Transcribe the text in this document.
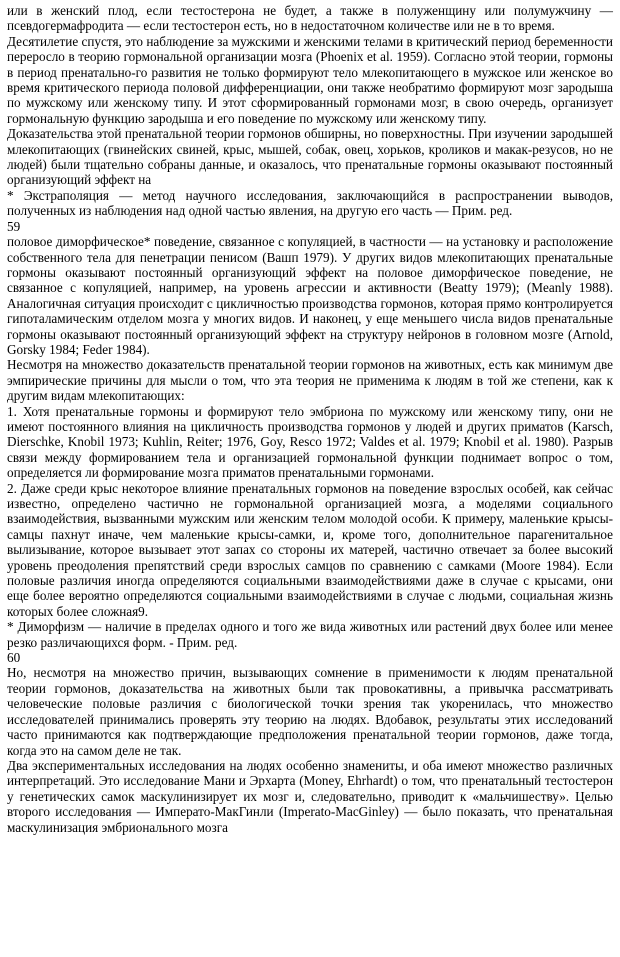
или в женский плод, если тестостерона не будет, а также в полуженщину или полумужчину — псевдогермафродита — если тестостерон есть, но в недостаточном количестве или не в то время.

Десятилетие спустя, это наблюдение за мужскими и женскими телами в критический период беременности переросло в теорию гормональной организации мозга (Phoenix et al. 1959). Согласно этой теории, гормоны в период пренатально-го развития не только формируют тело млекопитающего в мужское или женское во время критического периода половой дифференциации, они также необратимо формируют мозг зародыша по мужскому или женскому типу. И этот сформированный гормонами мозг, в свою очередь, организует гормональную функцию зародыша и его поведение по мужскому или женскому типу.

Доказательства этой пренатальной теории гормонов обширны, но поверхностны. При изучении зародышей млекопитающих (гвинейских свиней, крыс, мышей, собак, овец, хорьков, кроликов и макак-резусов, но не людей) были тщательно собраны данные, и оказалось, что пренатальные гормоны оказывают постоянный организующий эффект на

* Экстраполяция — метод научного исследования, заключающийся в распространении выводов, полученных из наблюдения над одной частью явления, на другую его часть — Прим. ред.

59

половое диморфическое* поведение, связанное с копуляцией, в частности — на установку и расположение собственного тела для пенетрации пенисом (Вашп 1979). У других видов млекопитающих пренатальные гормоны оказывают постоянный организующий эффект на половое диморфическое поведение, не связанное с копуляцией, например, на уровень агрессии и активности (Beatty 1979); (Meanly 1988). Аналогичная ситуация происходит с цикличностью производства гормонов, которая прямо контролируется гипоталамическим отделом мозга у многих видов. И наконец, у еще меньшего числа видов пренатальные гормоны оказывают постоянный организующий эффект на структуру нейронов в головном мозге (Arnold, Gorsky 1984; Feder 1984).

Несмотря на множество доказательств пренатальной теории гормонов на животных, есть как минимум две эмпирические причины для мысли о том, что эта теория не применима к людям в той же степени, как к другим видам млекопитающих:

1. Хотя пренатальные гормоны и формируют тело эмбриона по мужскому или женскому типу, они не имеют постоянного влияния на цикличность производства гормонов у людей и других приматов (Karsch, Dierschke, Knobil 1973; Kuhlin, Reiter; 1976, Goy, Resco 1972; Valdes et al. 1979; Knobil et al. 1980). Разрыв связи между формированием тела и организацией гормональной функции поднимает вопрос о том, определяется ли формирование мозга приматов пренатальными гормонами.

2. Даже среди крыс некоторое влияние пренатальных гормонов на поведение взрослых особей, как сейчас известно, определено частично не гормональной организацией мозга, а моделями социального взаимодействия, вызванными мужским или женским телом молодой особи. К примеру, маленькие крысы-самцы пахнут иначе, чем маленькие крысы-самки, и, кроме того, дополнительное парагенитальное вылизывание, которое вызывает этот запах со стороны их матерей, частично отвечает за более высокий уровень преодоления препятствий среди взрослых самцов по сравнению с самками (Moore 1984). Если половые различия иногда определяются социальными взаимодействиями даже в случае с крысами, они еще более вероятно определяются социальными взаимодействиями в случае с людьми, социальная жизнь которых более сложная9.

* Диморфизм — наличие в пределах одного и того же вида животных или растений двух более или менее резко различающихся форм. - Прим. ред.

60

Но, несмотря на множество причин, вызывающих сомнение в применимости к людям пренатальной теории гормонов, доказательства на животных были так провокативны, а привычка рассматривать человеческие половые различия с биологической точки зрения так укоренилась, что множество исследователей принимались проверять эту теорию на людях. Вдобавок, результаты этих исследований часто принимаются как подтверждающие предположения пренатальной теории гормонов, даже тогда, когда это на самом деле не так.

Два экспериментальных исследования на людях особенно знамениты, и оба имеют множество различных интерпретаций. Это исследование Мани и Эрхарта (Money, Ehrhardt) о том, что пренатальный тестостерон у генетических самок маскулинизирует их мозг и, следовательно, приводит к «мальчишеству». Целью второго исследования — Императо-МакГинли (Imperato-MacGinley) — было показать, что пренатальная маскулинизация эмбрионального мозга
